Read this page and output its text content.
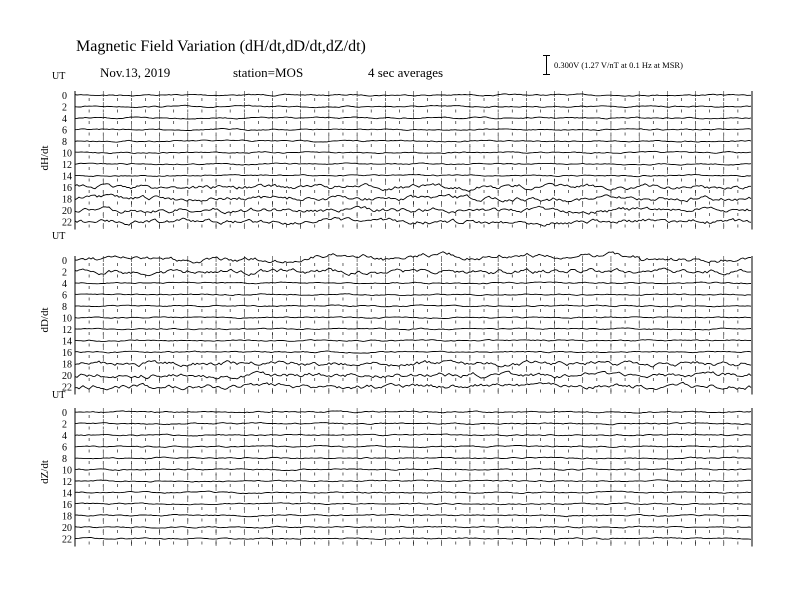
Magnetic Field Variation (dH/dt,dD/dt,dZ/dt)
Nov.13, 2019	station=MOS	4 sec averages	0.300V (1.27 V/nT at 0.1 Hz at MSR)
UT
dH/dt
0
2
4
6
8
10
12
14
16
18
20
22
UT
dD/dt
0
2
4
6
8
10
12
14
16
18
20
22
UT
dZ/dt
0
2
4
6
8
10
12
14
16
18
20
22
